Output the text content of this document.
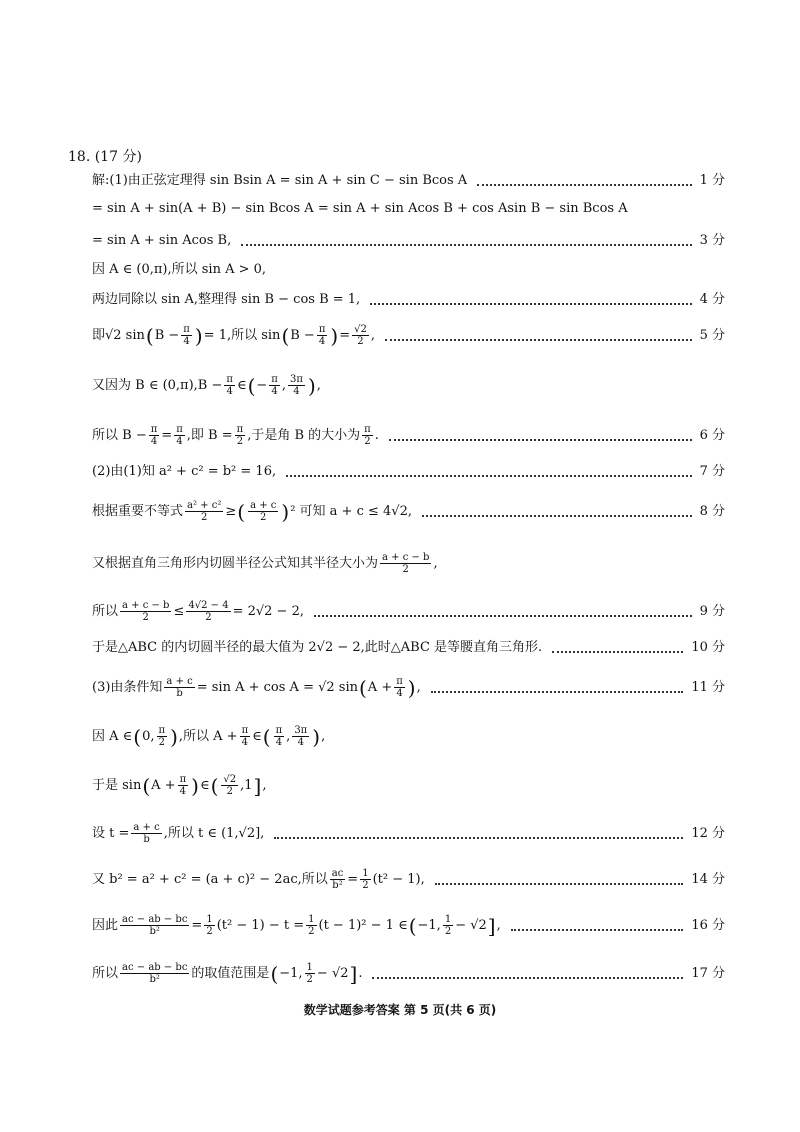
18. (17 分)
解:(1)由正弦定理得 sin Bsin A = sin A + sin C − sin Bcos A	1 分
= sin A + sin(A + B) − sin Bcos A = sin A + sin Acos B + cos Asin B − sin Bcos A
= sin A + sin Acos B,	3 分
因 A ∈ (0,π),所以 sin A > 0,
两边同除以 sin A,整理得 sin B − cos B = 1,	4 分
即√2 sin ( $B - \frac{\pi}{4}$ ) = 1,所以 sin ( $B - \frac{\pi}{4}$ ) = $\frac{√2}{2}$ ,	5 分
又因为 B ∈ $(0,\pi),B - \frac{\pi}{4}$ ∈ ( − $\frac{\pi}{4}$ , $\frac{3\pi}{4}$ ) ,
所以 $B - \frac{\pi}{4} = \frac{\pi}{4}$ ,即 $B = \frac{\pi}{2}$ ,于是角 B 的大小为 $\frac{\pi}{2}$ .	6 分
(2)由(1)知 a² + c² = b² = 16,	7 分
根据重要不等式 $\frac{\text{a² + c²}}{2}$ ≥ ( $\frac{a + c}{2}$ ) ²
可知 a + c ≤ 4√2,	8 分
又根据直角三角形内切圆半径公式知其半径大小为 $\frac{a + c - b}{2}$ ,
所以 $\frac{a + c - b}{2} \le \frac{4√2 - 4}{2} = 2√2 - 2$,	9 分
于是△ABC 的内切圆半径的最大值为 2√2 − 2,此时△ABC 是等腰直角三角形.	10 分
(3)由条件知 $\frac{a + c}{b} = \sin A + \cos A = √2$ sin ( $A + \frac{\pi}{4}$ ) ,	11 分
因 A ∈ ( 0, $\frac{\pi}{2}$ ) ,所以 $A + \frac{\pi}{4}$ ∈ ( $\frac{\pi}{4}$ , $\frac{3\pi}{4}$ ) ,
于是 sin ( $A + \frac{\pi}{4}$ ) ∈ ( $\frac{√2}{2} ,1$ ] ,
设 $t = \frac{a + c}{b}$ ,所以 t ∈ (1,√2],	12 分
又 b² = a² + c² = (a + c)² − 2ac,所以 $\frac{ac}{\text{b²}} = \frac{1}{2} (t^2 - 1)$,	14 分
因此 $\frac{ac - ab - bc}{\text{b²}} = \frac{1}{2} (t^2 - 1) - t = \frac{1}{2} (t - 1)^2 - 1$ ∈ ( −1, $\frac{1}{2} - √2$ ] ,	16 分
所以 $\frac{ac - ab - bc}{\text{b²}}$ 的取值范围是 ( −1, $\frac{1}{2} - √2$ ] .	17 分
数学试题参考答案 第 5 页(共 6 页)
